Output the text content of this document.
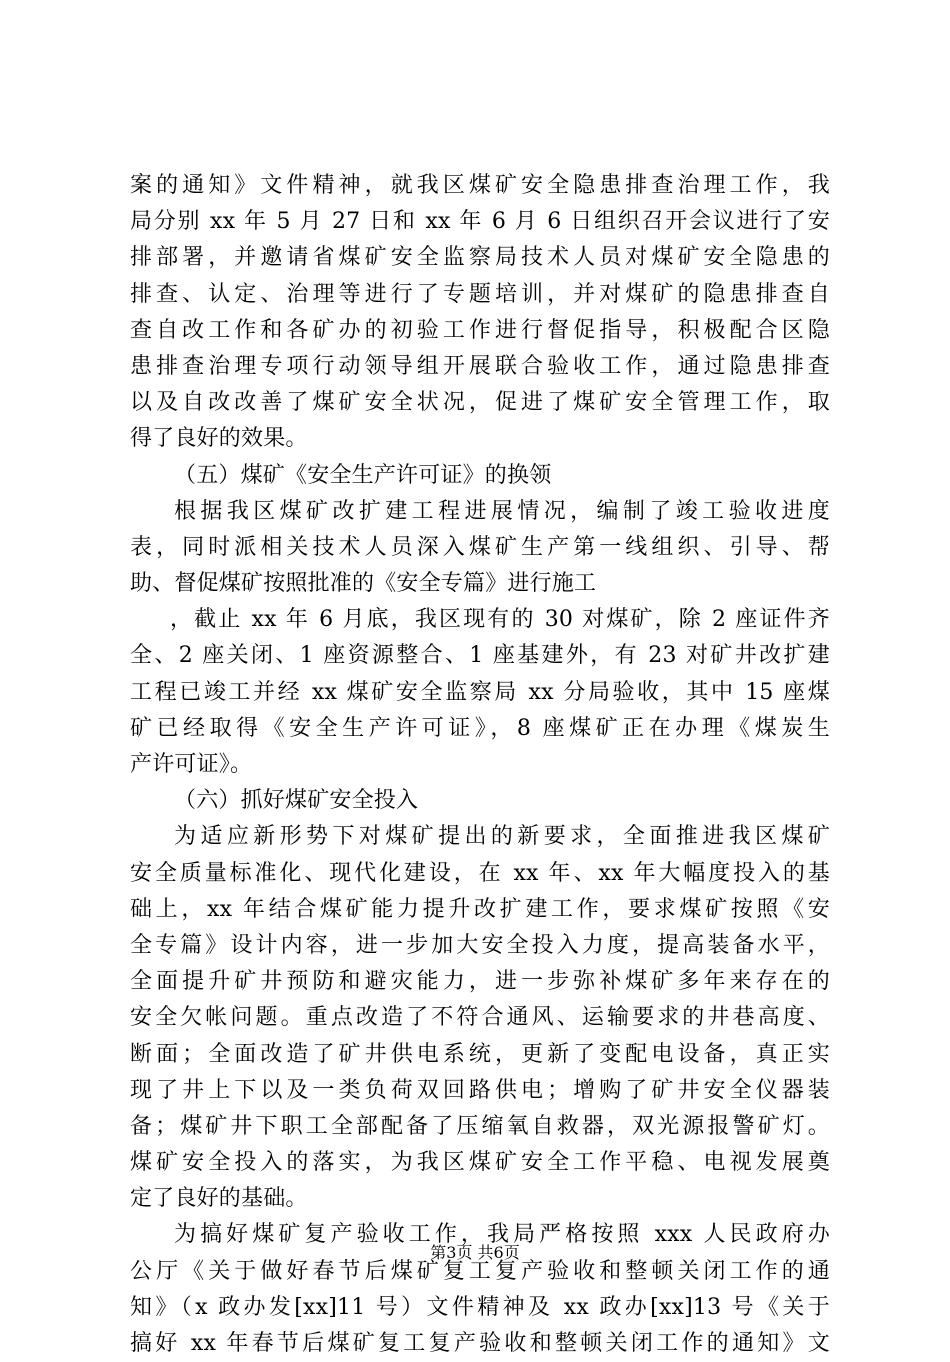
案的通知》文件精神，就我区煤矿安全隐患排查治理工作，我
局分别 xx 年 5 月 27 日和 xx 年 6 月 6 日组织召开会议进行了安
排部署，并邀请省煤矿安全监察局技术人员对煤矿安全隐患的
排查、认定、治理等进行了专题培训，并对煤矿的隐患排查自
查自改工作和各矿办的初验工作进行督促指导，积极配合区隐
患排查治理专项行动领导组开展联合验收工作，通过隐患排查
以及自改改善了煤矿安全状况，促进了煤矿安全管理工作，取
得了良好的效果。
（五）煤矿《安全生产许可证》的换领
根据我区煤矿改扩建工程进展情况，编制了竣工验收进度
表，同时派相关技术人员深入煤矿生产第一线组织、引导、帮
助、督促煤矿按照批准的《安全专篇》进行施工
，截止 xx 年 6 月底，我区现有的 30 对煤矿，除 2 座证件齐
全、2 座关闭、1 座资源整合、1 座基建外，有 23 对矿井改扩建
工程已竣工并经 xx 煤矿安全监察局 xx 分局验收，其中 15 座煤
矿已经取得《安全生产许可证》，8 座煤矿正在办理《煤炭生
产许可证》。
（六）抓好煤矿安全投入
为适应新形势下对煤矿提出的新要求，全面推进我区煤矿
安全质量标准化、现代化建设，在 xx 年、xx 年大幅度投入的基
础上，xx 年结合煤矿能力提升改扩建工作，要求煤矿按照《安
全专篇》设计内容，进一步加大安全投入力度，提高装备水平，
全面提升矿井预防和避灾能力，进一步弥补煤矿多年来存在的
安全欠帐问题。重点改造了不符合通风、运输要求的井巷高度、
断面；全面改造了矿井供电系统，更新了变配电设备，真正实
现了井上下以及一类负荷双回路供电；增购了矿井安全仪器装
备；煤矿井下职工全部配备了压缩氧自救器，双光源报警矿灯。
煤矿安全投入的落实，为我区煤矿安全工作平稳、电视发展奠
定了良好的基础。
为搞好煤矿复产验收工作，我局严格按照 xxx 人民政府办
公厅《关于做好春节后煤矿复工复产验收和整顿关闭工作的通
知》（x 政办发[xx]11 号）文件精神及 xx 政办[xx]13 号《关于
搞好 xx 年春节后煤矿复工复产验收和整顿关闭工作的通知》文
第3页 共6页
